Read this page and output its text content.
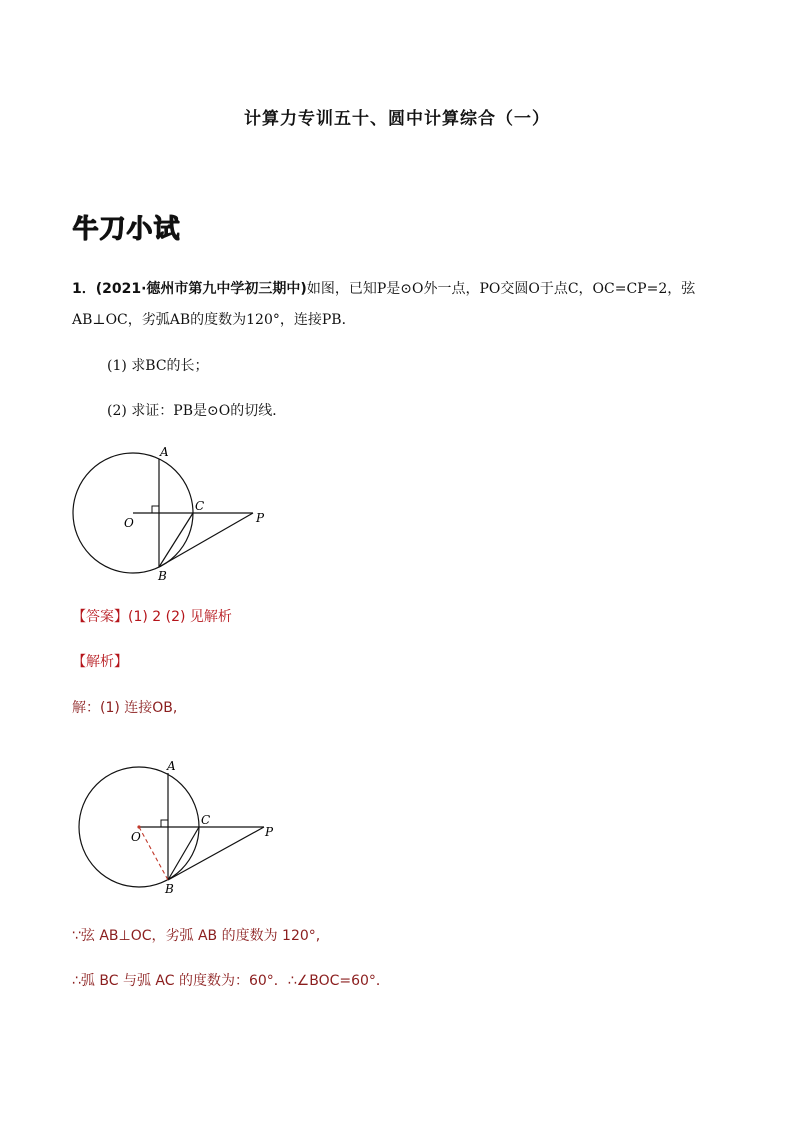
计算力专训五十、圆中计算综合（一）
牛刀小试
1．(2021·德州市第九中学初三期中)如图，已知P是⊙O外一点，PO交圆O于点C，OC=CP=2，弦
AB⊥OC，劣弧AB的度数为120°，连接PB．
(1) 求BC的长；
(2) 求证：PB是⊙O的切线．
A
O
C
P
B
【答案】(1) 2 (2) 见解析
【解析】
解：(1) 连接OB,
A
O
C
P
B
∵弦 AB⊥OC，劣弧 AB 的度数为 120°,
∴弧 BC 与弧 AC 的度数为：60°．∴∠BOC=60°．
